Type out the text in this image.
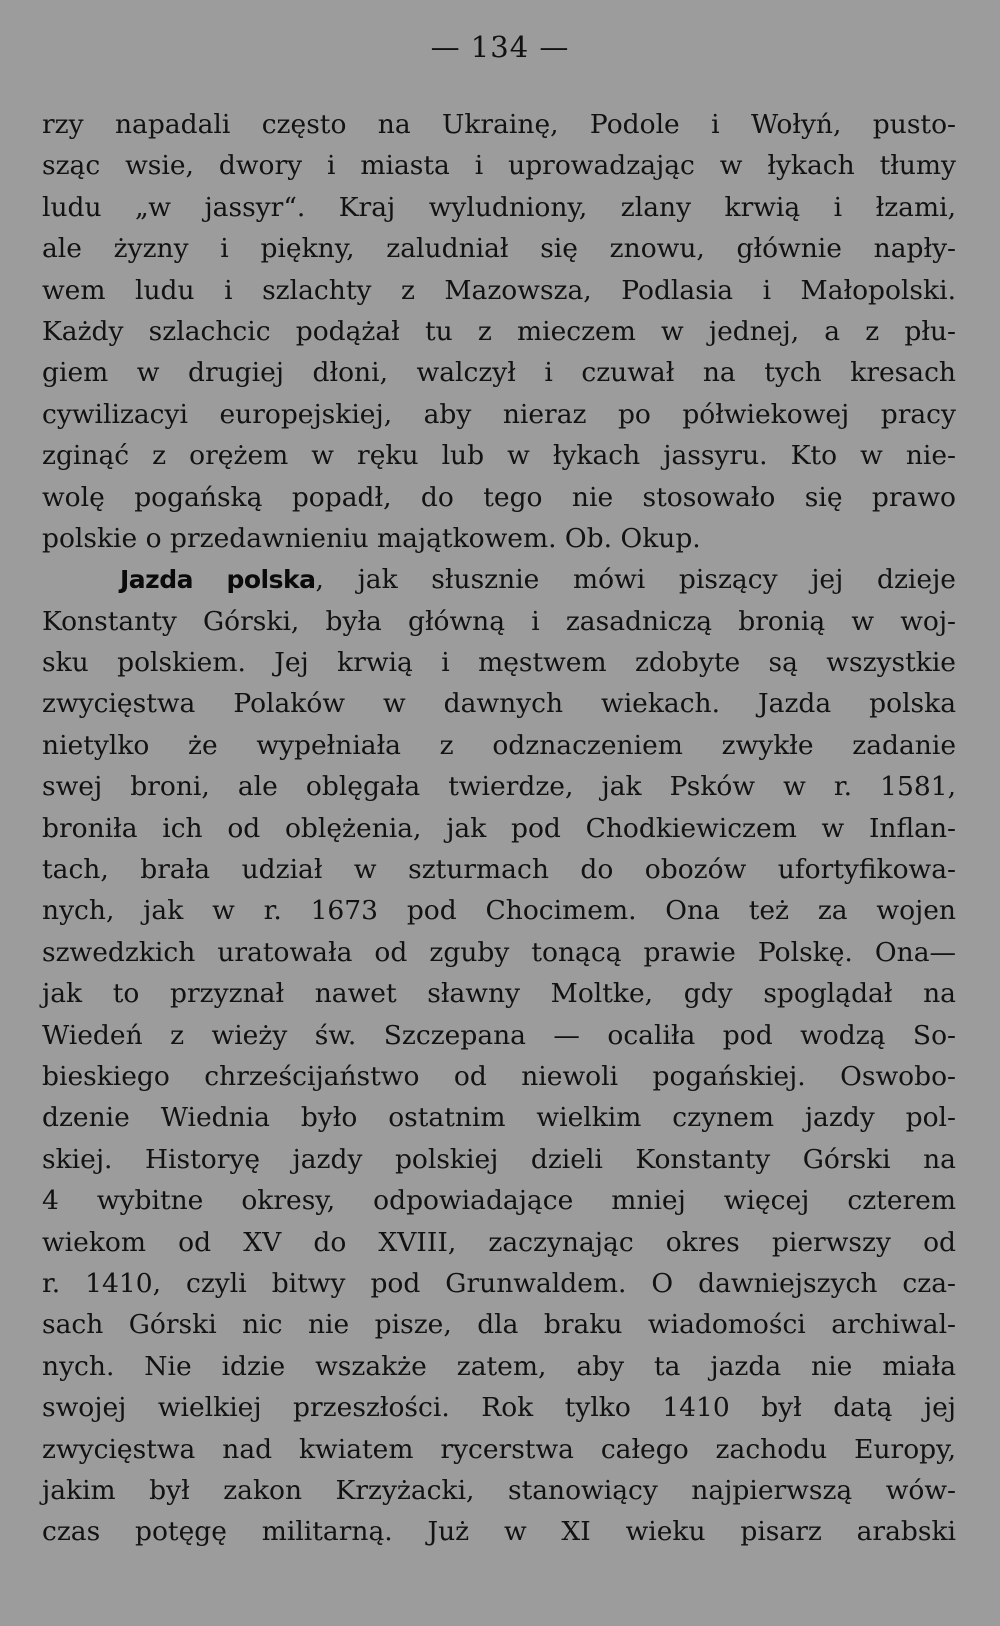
— 134 —
rzy napadali często na Ukrainę, Podole i Wołyń, pusto-
sząc wsie, dwory i miasta i uprowadzając w łykach tłumy
ludu „w jassyr“. Kraj wyludniony, zlany krwią i łzami,
ale żyzny i piękny, zaludniał się znowu, głównie napły-
wem ludu i szlachty z Mazowsza, Podlasia i Małopolski.
Każdy szlachcic podążał tu z mieczem w jednej, a z płu-
giem w drugiej dłoni, walczył i czuwał na tych kresach
cywilizacyi europejskiej, aby nieraz po półwiekowej pracy
zginąć z orężem w ręku lub w łykach jassyru. Kto w nie-
wolę pogańską popadł, do tego nie stosowało się prawo
polskie o przedawnieniu majątkowem. Ob. Okup.
Jazda polska, jak słusznie mówi piszący jej dzieje
Konstanty Górski, była główną i zasadniczą bronią w woj-
sku polskiem. Jej krwią i męstwem zdobyte są wszystkie
zwycięstwa Polaków w dawnych wiekach. Jazda polska
nietylko że wypełniała z odznaczeniem zwykłe zadanie
swej broni, ale oblęgała twierdze, jak Psków w r. 1581,
broniła ich od oblężenia, jak pod Chodkiewiczem w Inflan-
tach, brała udział w szturmach do obozów ufortyfikowa-
nych, jak w r. 1673 pod Chocimem. Ona też za wojen
szwedzkich uratowała od zguby tonącą prawie Polskę. Ona—
jak to przyznał nawet sławny Moltke, gdy spoglądał na
Wiedeń z wieży św. Szczepana — ocaliła pod wodzą So-
bieskiego chrześcijaństwo od niewoli pogańskiej. Oswobo-
dzenie Wiednia było ostatnim wielkim czynem jazdy pol-
skiej. Historyę jazdy polskiej dzieli Konstanty Górski na
4 wybitne okresy, odpowiadające mniej więcej czterem
wiekom od XV do XVIII, zaczynając okres pierwszy od
r. 1410, czyli bitwy pod Grunwaldem. O dawniejszych cza-
sach Górski nic nie pisze, dla braku wiadomości archiwal-
nych. Nie idzie wszakże zatem, aby ta jazda nie miała
swojej wielkiej przeszłości. Rok tylko 1410 był datą jej
zwycięstwa nad kwiatem rycerstwa całego zachodu Europy,
jakim był zakon Krzyżacki, stanowiący najpierwszą wów-
czas potęgę militarną. Już w XI wieku pisarz arabski
